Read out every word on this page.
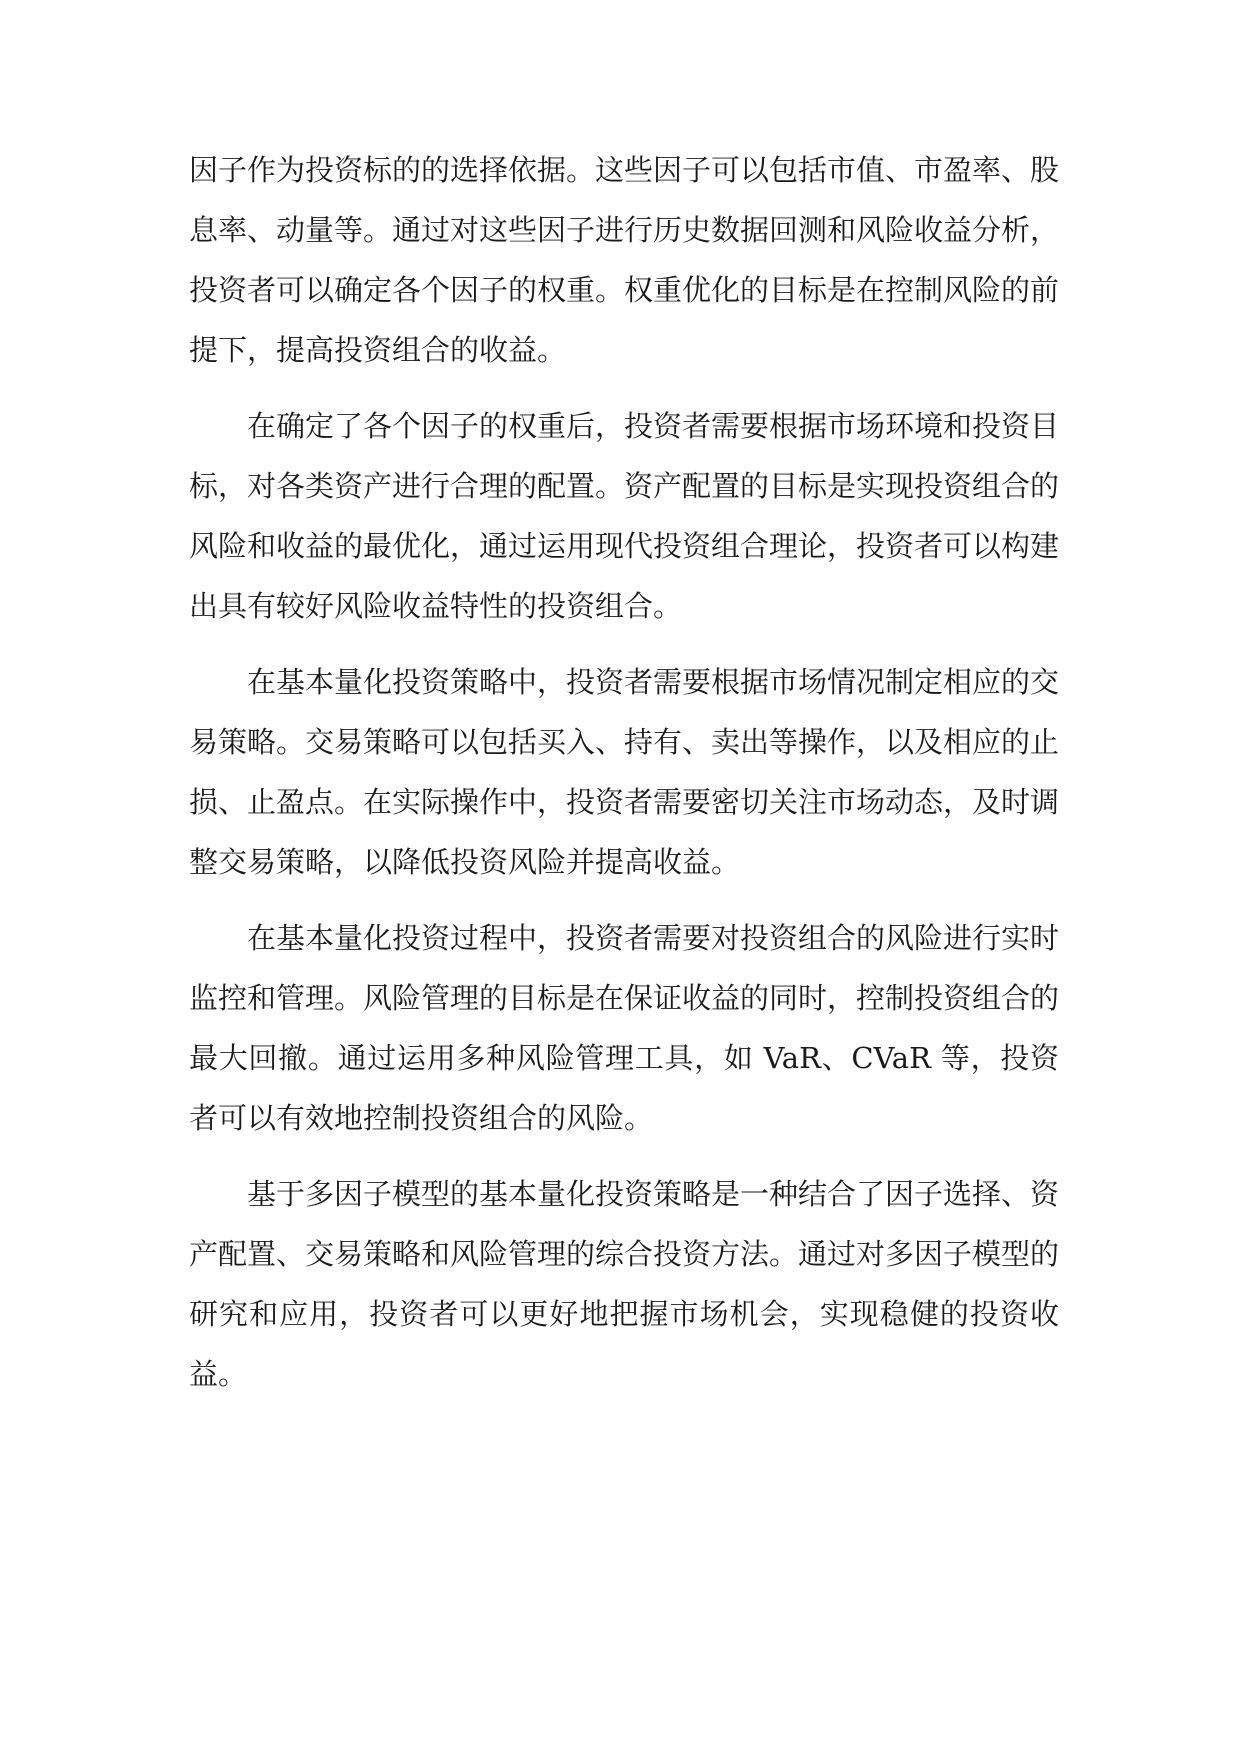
因子作为投资标的的选择依据。这些因子可以包括市值、市盈率、股息率、动量等。通过对这些因子进行历史数据回测和风险收益分析，投资者可以确定各个因子的权重。权重优化的目标是在控制风险的前提下，提高投资组合的收益。

在确定了各个因子的权重后，投资者需要根据市场环境和投资目标，对各类资产进行合理的配置。资产配置的目标是实现投资组合的风险和收益的最优化，通过运用现代投资组合理论，投资者可以构建出具有较好风险收益特性的投资组合。

在基本量化投资策略中，投资者需要根据市场情况制定相应的交易策略。交易策略可以包括买入、持有、卖出等操作，以及相应的止损、止盈点。在实际操作中，投资者需要密切关注市场动态，及时调整交易策略，以降低投资风险并提高收益。

在基本量化投资过程中，投资者需要对投资组合的风险进行实时监控和管理。风险管理的目标是在保证收益的同时，控制投资组合的最大回撤。通过运用多种风险管理工具，如 VaR、CVaR 等，投资者可以有效地控制投资组合的风险。

基于多因子模型的基本量化投资策略是一种结合了因子选择、资产配置、交易策略和风险管理的综合投资方法。通过对多因子模型的研究和应用，投资者可以更好地把握市场机会，实现稳健的投资收益。
